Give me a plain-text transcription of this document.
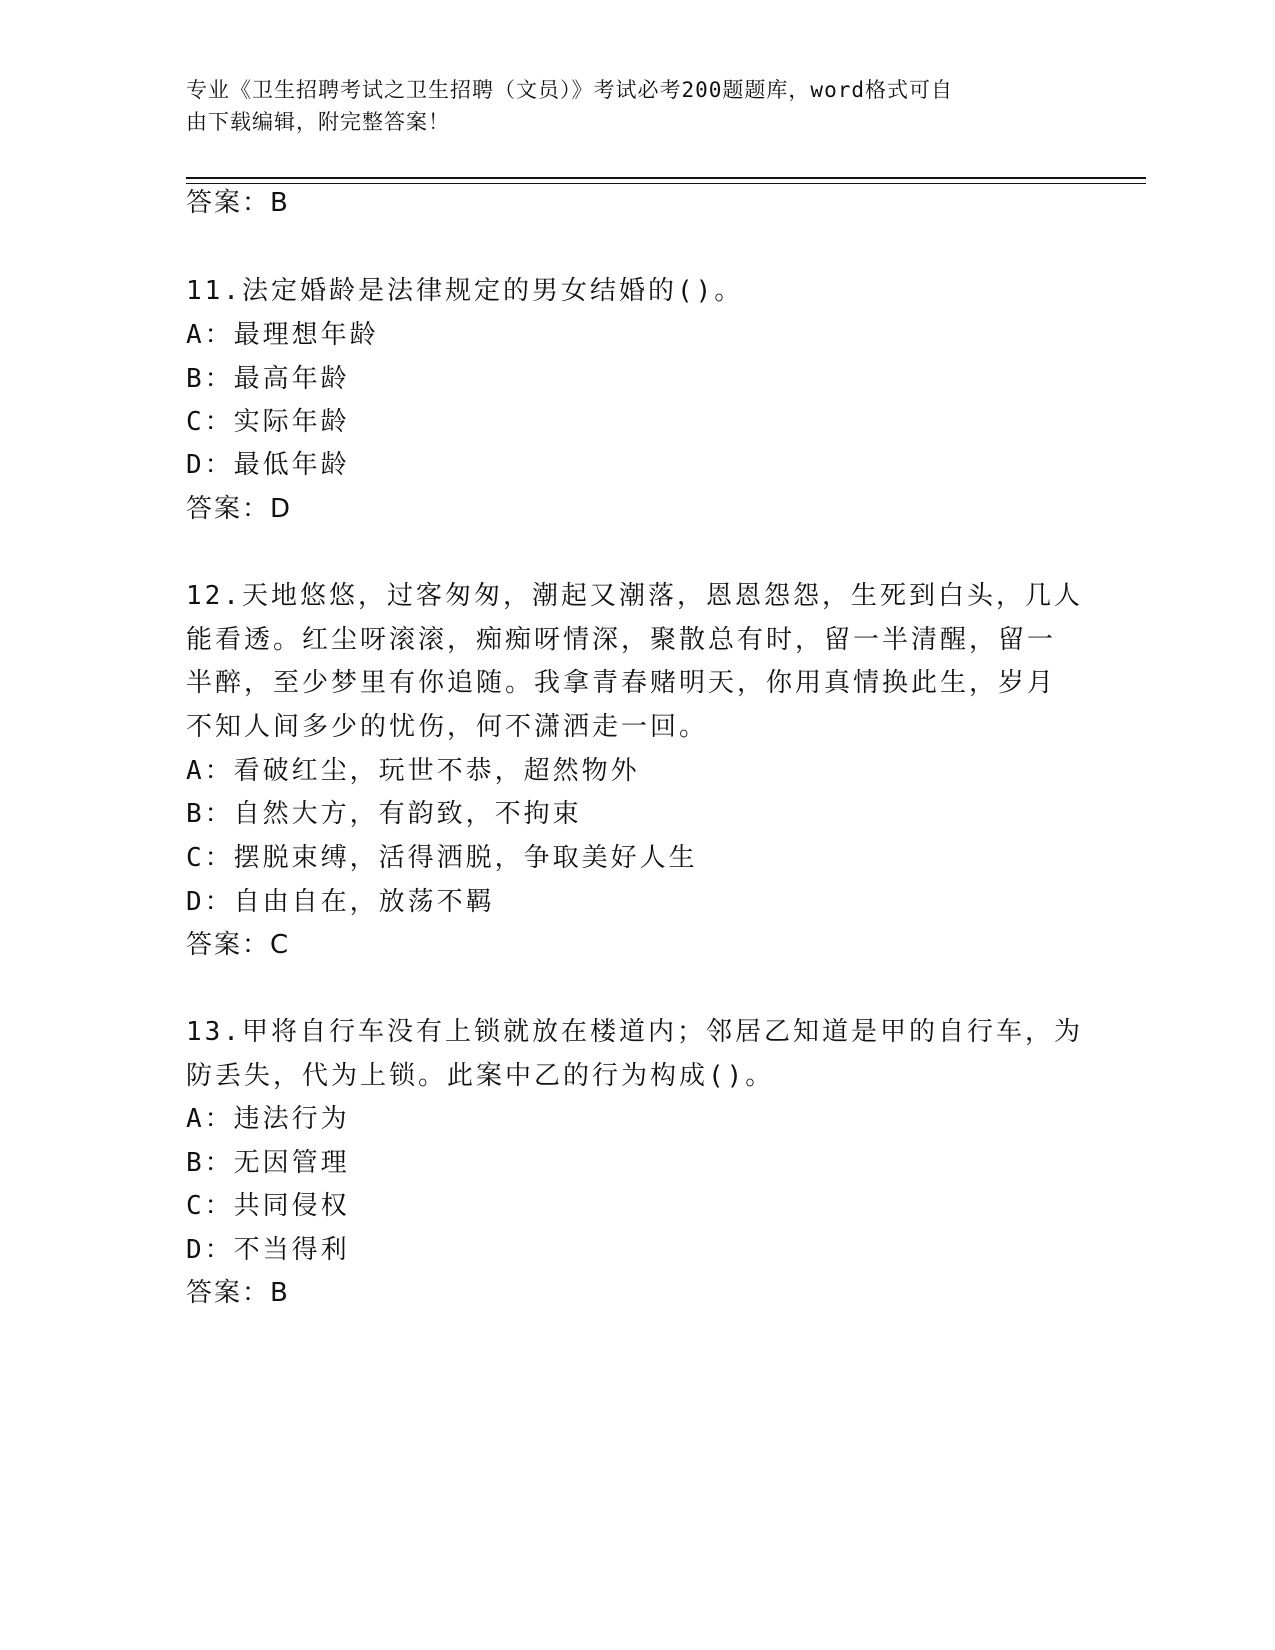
专业《卫生招聘考试之卫生招聘（文员）》考试必考200题题库，word格式可自
由下载编辑，附完整答案！
答案：B
11.法定婚龄是法律规定的男女结婚的()。
A：最理想年龄
B：最高年龄
C：实际年龄
D：最低年龄
答案：D
12.天地悠悠，过客匆匆，潮起又潮落，恩恩怨怨，生死到白头，几人
能看透。红尘呀滚滚，痴痴呀情深，聚散总有时，留一半清醒，留一
半醉，至少梦里有你追随。我拿青春赌明天，你用真情换此生，岁月
不知人间多少的忧伤，何不潇洒走一回。
A：看破红尘，玩世不恭，超然物外
B：自然大方，有韵致，不拘束
C：摆脱束缚，活得洒脱，争取美好人生
D：自由自在，放荡不羁
答案：C
13.甲将自行车没有上锁就放在楼道内；邻居乙知道是甲的自行车，为
防丢失，代为上锁。此案中乙的行为构成()。
A：违法行为
B：无因管理
C：共同侵权
D：不当得利
答案：B
